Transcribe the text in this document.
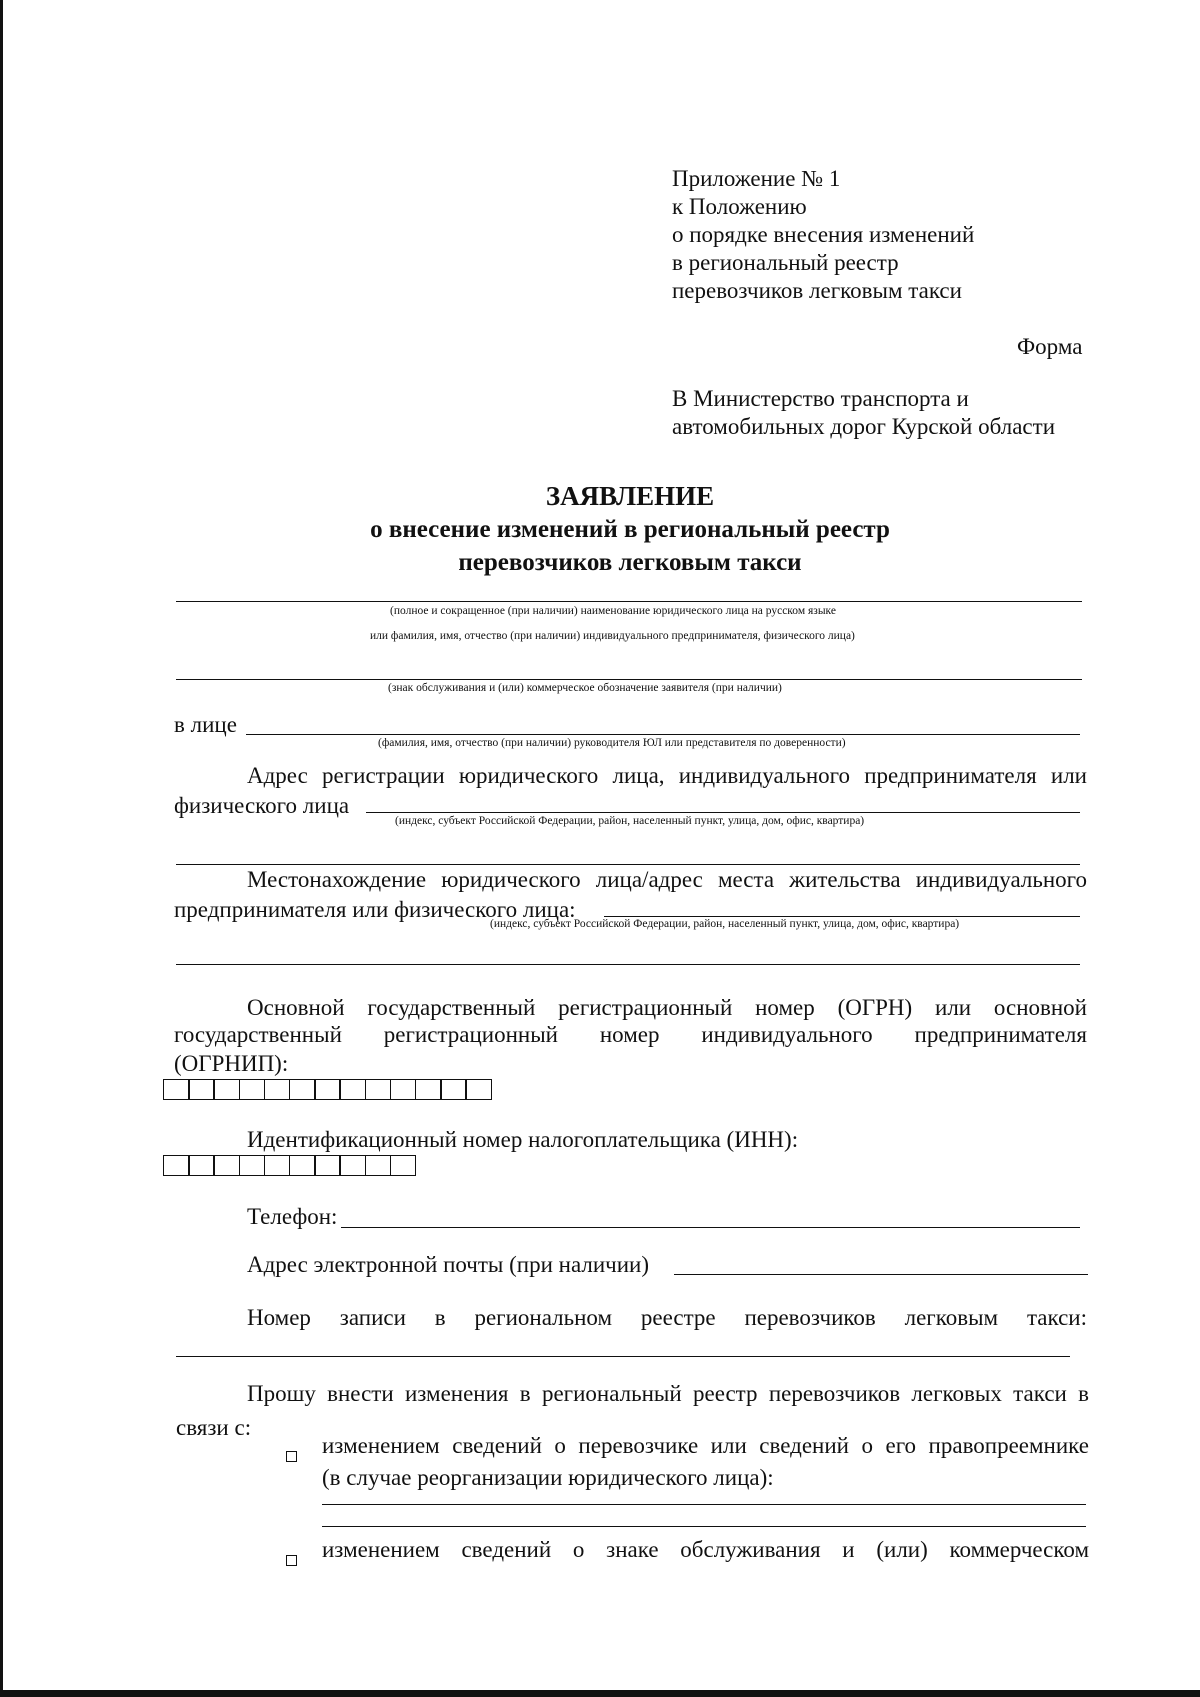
Приложение № 1
к Положению
о порядке внесения изменений
в региональный реестр
перевозчиков легковым такси
Форма
В Министерство транспорта и
автомобильных дорог Курской области
ЗАЯВЛЕНИЕ
о внесение изменений в региональный реестр
перевозчиков легковым такси
(полное и сокращенное (при наличии) наименование юридического лица на русском языке
или фамилия, имя, отчество (при наличии) индивидуального предпринимателя, физического лица)
(знак обслуживания и (или) коммерческое обозначение заявителя (при наличии)
в лице
(фамилия, имя, отчество (при наличии) руководителя ЮЛ или представителя по доверенности)
Адрес регистрации юридического лица, индивидуального предпринимателя или
физического лица
(индекс, субъект Российской Федерации, район, населенный пункт, улица, дом, офис, квартира)
Местонахождение юридического лица/адрес места жительства индивидуального
предпринимателя или физического лица:
(индекс, субъект Российской Федерации, район, населенный пункт, улица, дом, офис, квартира)
Основной государственный регистрационный номер (ОГРН) или основной
государственный регистрационный номер индивидуального предпринимателя
(ОГРНИП):
Идентификационный номер налогоплательщика (ИНН):
Телефон:
Адрес электронной почты (при наличии)
Номер записи в региональном реестре перевозчиков легковым такси:
Прошу внести изменения в региональный реестр перевозчиков легковых такси в
связи с:
изменением сведений о перевозчике или сведений о его правопреемнике
(в случае реорганизации юридического лица):
изменением сведений о знаке обслуживания и (или) коммерческом
